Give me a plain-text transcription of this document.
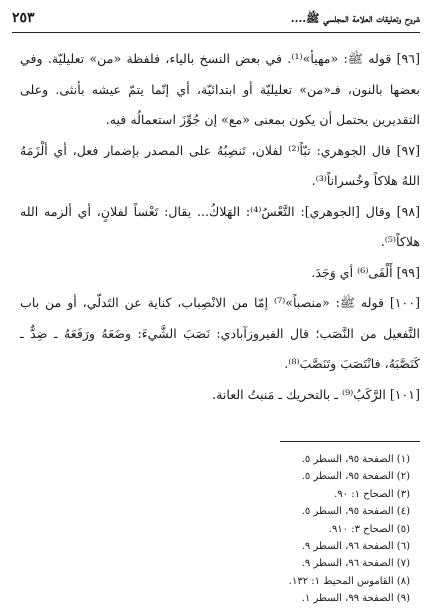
شروح وتعليقات العلامة المجلسي ﷺ....
٢٥٣

[٩٦] قوله ﷺ: «مهيأ»⁽¹⁾. في بعض النسخ بالياء، فلفظة «من» تعليليّة. وفي بعضها بالنون، فـ«من» تعليليّة أو ابتدائيّة، أي إنّما يتمّ عيشه بأنثى. وعلى التقديرين يحتمل أن يكون بمعنى «مع» إن جُوِّزَ استعمالُه فيه.

[٩٧] قال الجوهري: تبّاً⁽²⁾ لفلان، تَنصِبُهُ على المصدر بإضمار فعل، أي ألْزَمَهُ اللهُ هلاكاً وخُسراناً⁽³⁾.

[٩٨] وقال [الجوهري]: التَّعْسُ⁽⁴⁾: الهَلاكُ... يقال: تَعْساً لفلانٍ، أي ألزمه الله هلاكاً⁽⁵⁾.

[٩٩] أَلْفَى⁽⁶⁾ أي وَجَدَ.

[١٠٠] قوله ﷺ: «منصباً»⁽⁷⁾ إمّا من الانْصِباب، كناية عن التَدلّي، أو من باب التَّفعيل من النَّصَب؛ قال الفيروزآبادي: نَصَبَ الشَّيءَ: وضَعَهُ ورَفَعَهُ ـ ضِدٌّ ـ كَنَصَّبَهُ، فانْتَصَبَ وتَنَصَّبَ⁽⁸⁾.

[١٠١] الرَّكَبُ⁽⁹⁾ ـ بالتحريك ـ مَنبتُ العانة.

(١) الصفحة ٩٥، السطر ٥.
(٢) الصفحة ٩٥، السطر ٥.
(٣) الصحاح ١: ٩٠.
(٤) الصفحة ٩٥، السطر ٥.
(٥) الصحاح ٣: ٩١٠.
(٦) الصفحة ٩٦، السطر ٩.
(٧) الصفحة ٩٦، السطر ٩.
(٨) القاموس المحيط ١: ١٣٢.
(٩) الصفحة ٩٩، السطر ١.
